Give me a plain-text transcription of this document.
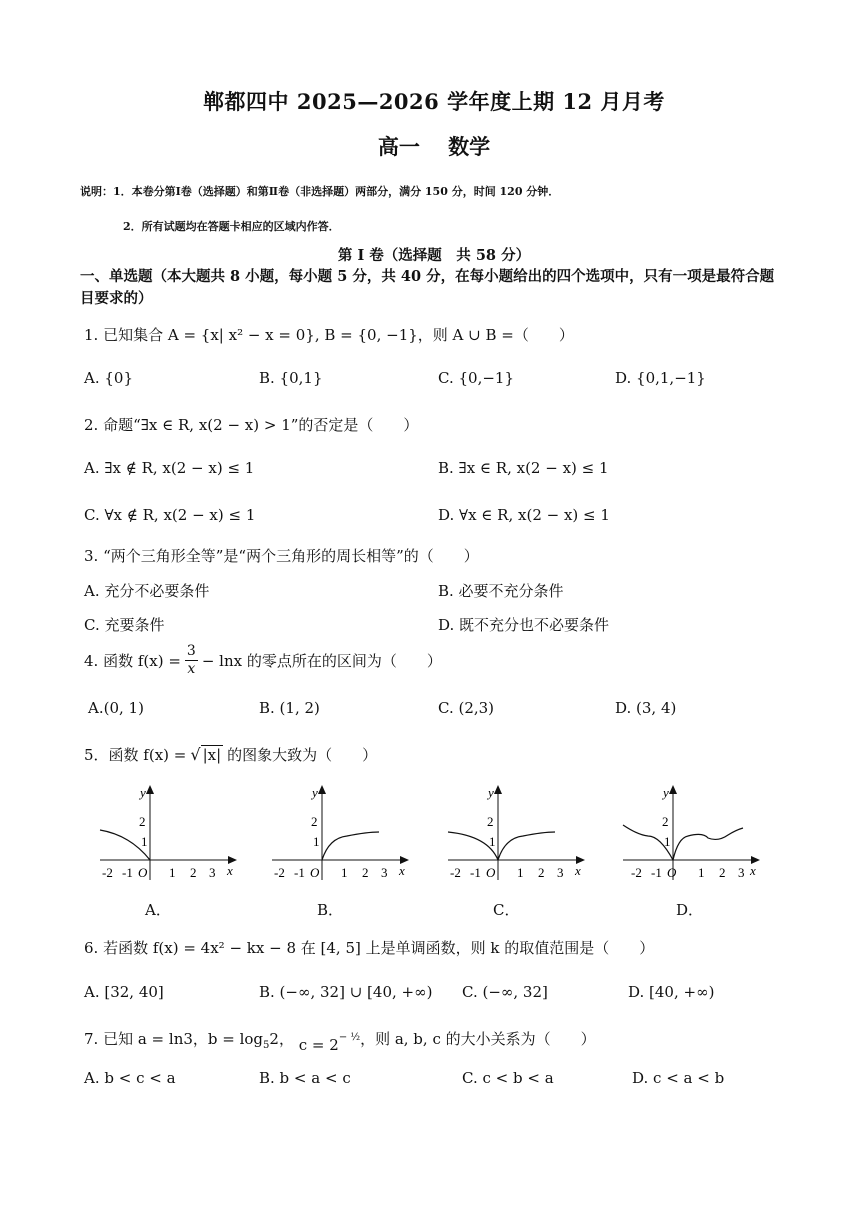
郸都四中 2025—2026 学年度上期 12 月月考
高一　 数学
说明：1．本卷分第Ⅰ卷（选择题）和第Ⅱ卷（非选择题）两部分，满分 150 分，时间 120 分钟．
2．所有试题均在答题卡相应的区域内作答．
第 I 卷（选择题　共 58 分）
一、单选题（本大题共 8 小题，每小题 5 分，共 40 分，在每小题给出的四个选项中，只有一项是最符合题目要求的）
1. 已知集合 A = {x| x² − x = 0}, B = {0, −1}，则 A ∪ B =（　　）
A. {0}	B. {0,1}	C. {0,−1}	D. {0,1,−1}
2. 命题“∃x ∈ R, x(2 − x) > 1”的否定是（　　）
A. ∃x ∉ R, x(2 − x) ≤ 1	B. ∃x ∈ R, x(2 − x) ≤ 1
C. ∀x ∉ R, x(2 − x) ≤ 1	D. ∀x ∈ R, x(2 − x) ≤ 1
3. “两个三角形全等”是“两个三角形的周长相等”的（　　）
A. 充分不必要条件	B. 必要不充分条件
C. 充要条件	D. 既不充分也不必要条件
4. 函数 $f(x) = \frac{3}{x} - \ln x$ 的零点所在的区间为（　　）
A.(0, 1)	B. (1, 2)	C. (2,3)	D. (3, 4)
5．函数 f(x) = √ |x| 的图象大致为（　　）
y
x
2
1
-2 -1 O 1 2 3
A．
y
x
2
1
-2 -1 O 1 2 3
B．
y
x
2
1
-2 -1 O 1 2 3
C．
y
x
2
1
-2 -1 O 1 2 3
D．
6. 若函数 f(x) = 4x² − kx − 8 在 [4, 5] 上是单调函数，则 k 的取值范围是（　　）
A. [32, 40]	B. (−∞, 32] ∪ [40, +∞) C. (−∞, 32]	D. [40, +∞)
7. 已知 a = ln3，$b = \log_52$， $c = 2^{- \frac{1}{2}}$，则 a, b, c 的大小关系为（　　）
A. b < c < a	B. b < a < c	C. c < b < a	D. c < a < b
